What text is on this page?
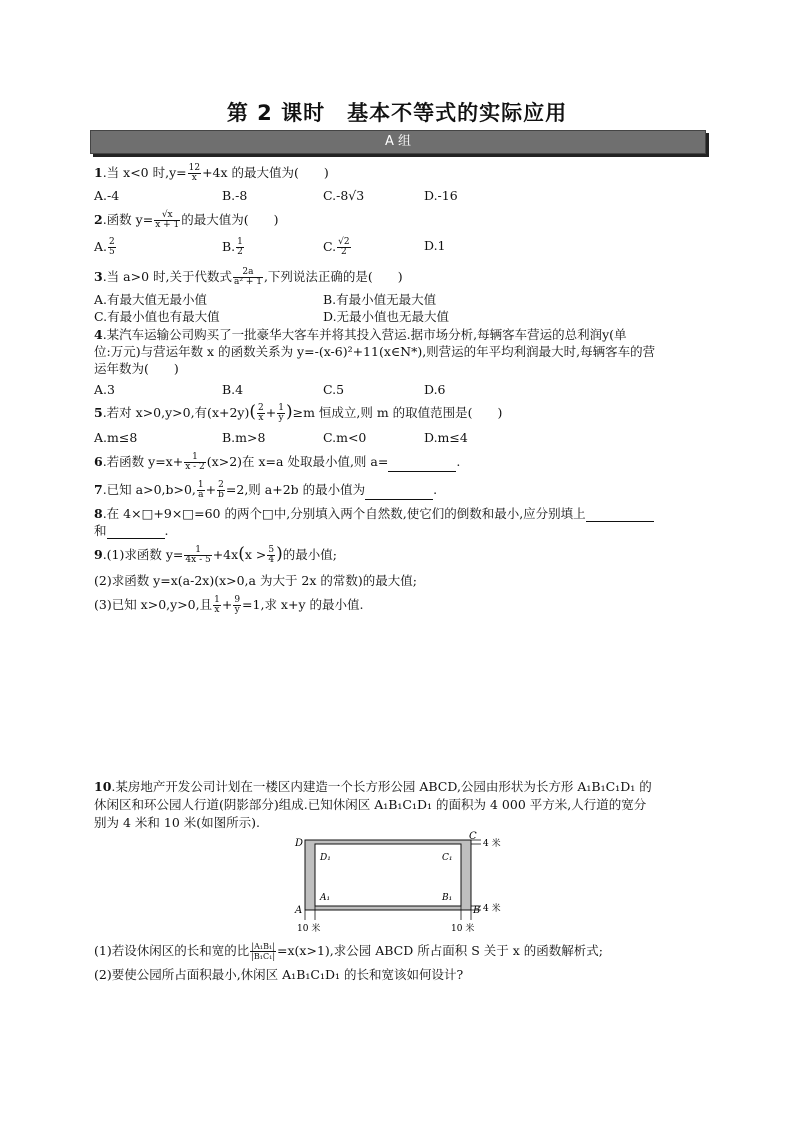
第 2 课时　基本不等式的实际应用
A 组
1.当 x<0 时$,y= \frac{12}{x} +4x$ 的最大值为(　　)
A.-4	B.-8	C.-8√3	D.-16
2.函数 $y= \frac{√x}{x + 1}$ 的最大值为(　　)
A. $\frac{2}{5}$	B. $\frac{1}{2}$	C. $\frac{√2}{2}$	D.1
3.当 a>0 时,关于代数式 $\frac{2a}{\text{a² + 1}}$ ,下列说法正确的是(　　)
A.有最大值无最小值	B.有最小值无最大值
C.有最小值也有最大值	D.无最小值也无最大值
4.某汽车运输公司购买了一批豪华大客车并将其投入营运.据市场分析,每辆客车营运的总利润y(单
位:万元)与营运年数 x 的函数关系为 y=-(x-6)²+11(x∈N*),则营运的年平均利润最大时,每辆客车的营
运年数为(　　)
A.3	B.4	C.5	D.6
5.若对 x>0,y>0,有$(x+2y)( \frac{2}{x} + \frac{1}{y} )\ge m$ 恒成立,则 m 的取值范围是(　　)
A.m≤8	B.m>8	C.m<0	D.m≤4
6.若函数 $y=x+ \frac{1}{x - 2} (x>2)$在 x=a 处取最小值,则 a=	.
7.已知 a>0,b>0, $\frac{1}{a} + \frac{2}{b} =2$,则 a+2b 的最小值为	.
8.在 4×□+9×□=60 的两个□中,分别填入两个自然数,使它们的倒数和最小,应分别填上
和	.
9.(1)求函数 $y= \frac{1}{4x - 5} +4x(x > \frac{5}{4}$ )的最小值;
(2)求函数 y=x(a-2x)(x>0,a 为大于 2x 的常数)的最大值;
(3)已知 x>0,y>0,且 $\frac{1}{x} + \frac{9}{y} =1$,求 x+y 的最小值.
10.某房地产开发公司计划在一楼区内建造一个长方形公园 ABCD,公园由形状为长方形 A₁B₁C₁D₁ 的
休闲区和环公园人行道(阴影部分)组成.已知休闲区 A₁B₁C₁D₁ 的面积为 4 000 平方米,人行道的宽分
别为 4 米和 10 米(如图所示).
D
A	B
C
D₁
A₁
C₁
B₁
4 米
4 米
10 米	10 米
(1)若设休闲区的长和宽的比 $\frac{\text{|A₁B₁|}}{\text{|B₁C₁|}} =x(x>1)$,求公园 ABCD 所占面积 S 关于 x 的函数解析式;
(2)要使公园所占面积最小,休闲区 A₁B₁C₁D₁ 的长和宽该如何设计?
